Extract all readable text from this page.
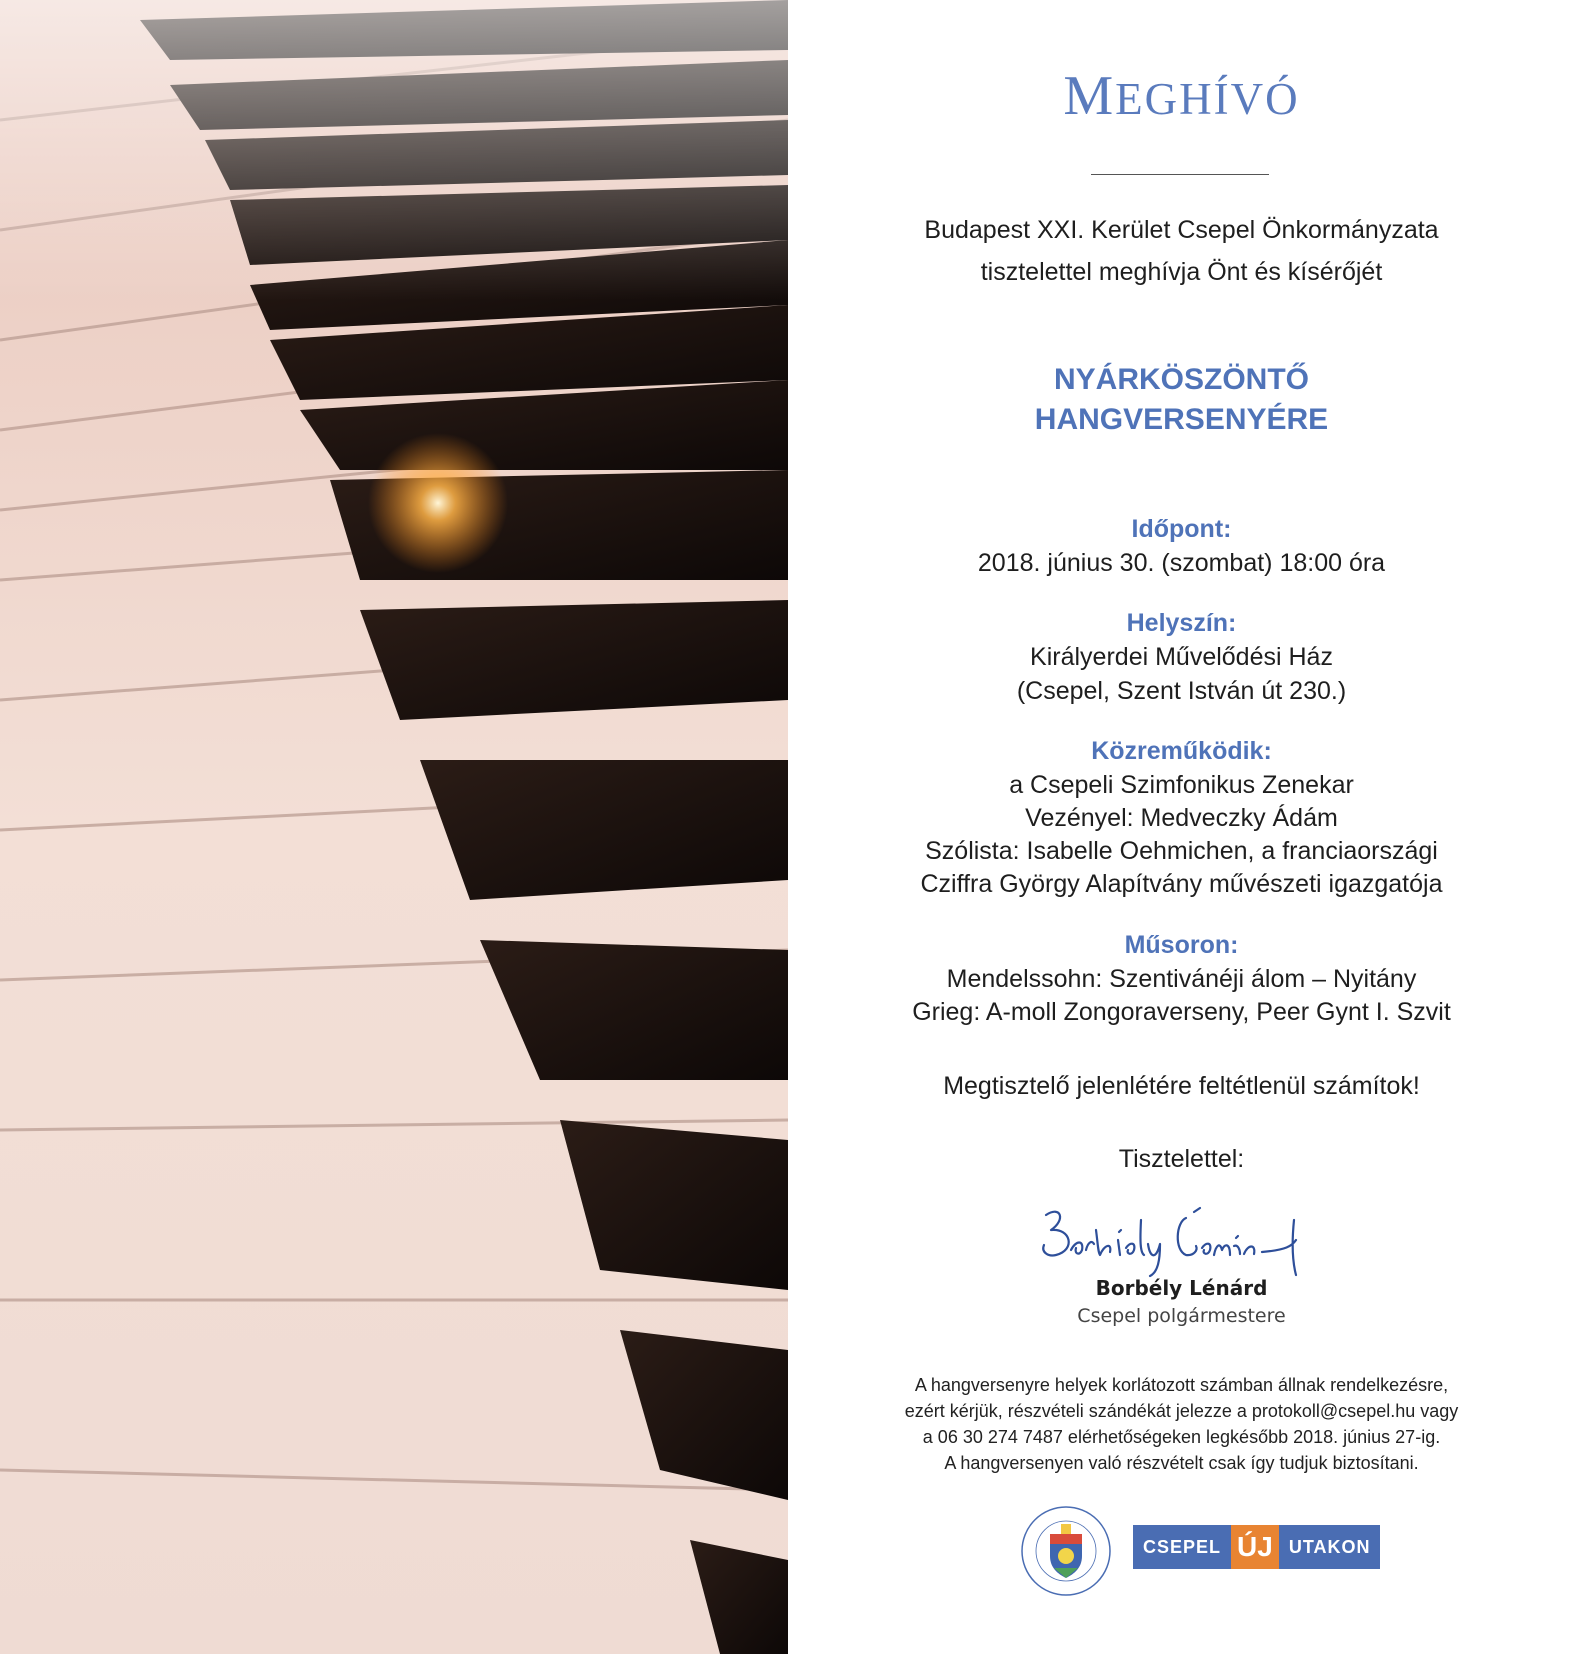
MEGHÍVÓ
Budapest XXI. Kerület Csepel Önkormányzata
tisztelettel meghívja Önt és kísérőjét
NYÁRKÖSZÖNTŐ
HANGVERSENYÉRE
Időpont:
2018. június 30. (szombat) 18:00 óra
Helyszín:
Királyerdei Művelődési Ház
(Csepel, Szent István út 230.)
Közreműködik:
a Csepeli Szimfonikus Zenekar
Vezényel: Medveczky Ádám
Szólista: Isabelle Oehmichen, a franciaországi
Cziffra György Alapítvány művészeti igazgatója
Műsoron:
Mendelssohn: Szentivánéji álom – Nyitány
Grieg: A-moll Zongoraverseny, Peer Gynt I. Szvit
Megtisztelő jelenlétére feltétlenül számítok!
Tisztelettel:
Borbély Lénárd
Csepel polgármestere
A hangversenyre helyek korlátozott számban állnak rendelkezésre,
ezért kérjük, részvételi szándékát jelezze a protokoll@csepel.hu vagy
a 06 30 274 7487 elérhetőségeken legkésőbb 2018. június 27-ig.
A hangversenyen való részvételt csak így tudjuk biztosítani.
CSEPEL ÚJ UTAKON
